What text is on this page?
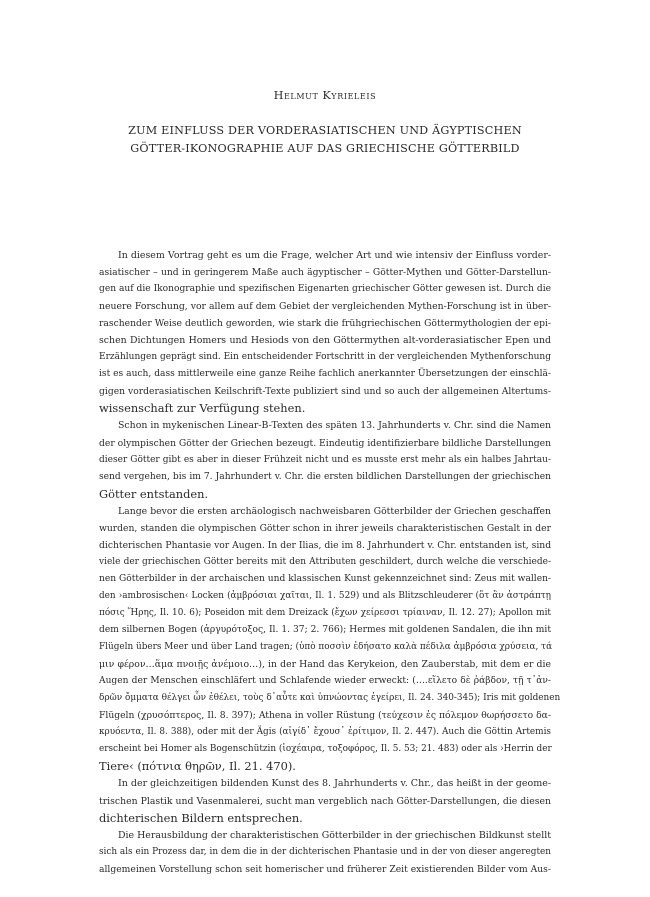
Helmut Kyrieleis
ZUM EINFLUSS DER VORDERASIATISCHEN UND ÄGYPTISCHEN
GÖTTER-IKONOGRAPHIE AUF DAS GRIECHISCHE GÖTTERBILD
In diesem Vortrag geht es um die Frage, welcher Art und wie intensiv der Einfluss vorder-
asiatischer – und in geringerem Maße auch ägyptischer – Götter-Mythen und Götter-Darstellun-
gen auf die Ikonographie und spezifischen Eigenarten griechischer Götter gewesen ist. Durch die
neuere Forschung, vor allem auf dem Gebiet der vergleichenden Mythen-Forschung ist in über-
raschender Weise deutlich geworden, wie stark die frühgriechischen Göttermythologien der epi-
schen Dichtungen Homers und Hesiods von den Göttermythen alt-vorderasiatischer Epen und
Erzählungen geprägt sind. Ein entscheidender Fortschritt in der vergleichenden Mythenforschung
ist es auch, dass mittlerweile eine ganze Reihe fachlich anerkannter Übersetzungen der einschlä-
gigen vorderasiatischen Keilschrift-Texte publiziert sind und so auch der allgemeinen Altertums-
wissenschaft zur Verfügung stehen.
Schon in mykenischen Linear-B-Texten des späten 13. Jahrhunderts v. Chr. sind die Namen
der olympischen Götter der Griechen bezeugt. Eindeutig identifizierbare bildliche Darstellungen
dieser Götter gibt es aber in dieser Frühzeit nicht und es musste erst mehr als ein halbes Jahrtau-
send vergehen, bis im 7. Jahrhundert v. Chr. die ersten bildlichen Darstellungen der griechischen
Götter entstanden.
Lange bevor die ersten archäologisch nachweisbaren Götterbilder der Griechen geschaffen
wurden, standen die olympischen Götter schon in ihrer jeweils charakteristischen Gestalt in der
dichterischen Phantasie vor Augen. In der Ilias, die im 8. Jahrhundert v. Chr. entstanden ist, sind
viele der griechischen Götter bereits mit den Attributen geschildert, durch welche die verschiede-
nen Götterbilder in der archaischen und klassischen Kunst gekennzeichnet sind: Zeus mit wallen-
den ›ambrosischen‹ Locken (ἀμβρόσιαι χαῖται, Il. 1. 529) und als Blitzschleuderer (ὅτ ἂν ἀστράπτῃ
πόσις Ἥρης, Il. 10. 6); Poseidon mit dem Dreizack (ἔχων χείρεσσι τρίαιναν, Il. 12. 27); Apollon mit
dem silbernen Bogen (ἀργυρότοξος, Il. 1. 37; 2. 766); Hermes mit goldenen Sandalen, die ihn mit
Flügeln übers Meer und über Land tragen; (ὑπὸ ποσσὶν ἐδήσατο καλὰ πέδιλα ἀμβρόσια χρύσεια, τά
μιν φέρον…ἅμα πνοιῇς ἀνέμοιο…), in der Hand das Kerykeion, den Zauberstab, mit dem er die
Augen der Menschen einschläfert und Schlafende wieder erweckt: (….εἵλετο δὲ ῥάβδον, τῇ τ᾽ἀν-
δρῶν ὄμματα θέλγει ὧν ἐθέλει, τοὺς δ᾽αὖτε καὶ ὑπνώοντας ἐγείρει, Il. 24. 340-345); Iris mit goldenen
Flügeln (χρυσόπτερος, Il. 8. 397); Athena in voller Rüstung (τεύχεσιν ἐς πόλεμον θωρήσσετο δα-
κρυόεντα, Il. 8. 388), oder mit der Ägis (αἰγίδ᾽ ἔχουσ᾽ ἐρίτιμον, Il. 2. 447). Auch die Göttin Artemis
erscheint bei Homer als Bogenschützin (ἰοχέαιρα, τοξοφόρος, Il. 5. 53; 21. 483) oder als ›Herrin der
Tiere‹ (πότνια θηρῶν, Il. 21. 470).
In der gleichzeitigen bildenden Kunst des 8. Jahrhunderts v. Chr., das heißt in der geome-
trischen Plastik und Vasenmalerei, sucht man vergeblich nach Götter-Darstellungen, die diesen
dichterischen Bildern entsprechen.
Die Herausbildung der charakteristischen Götterbilder in der griechischen Bildkunst stellt
sich als ein Prozess dar, in dem die in der dichterischen Phantasie und in der von dieser angeregten
allgemeinen Vorstellung schon seit homerischer und früherer Zeit existierenden Bilder vom Aus-
